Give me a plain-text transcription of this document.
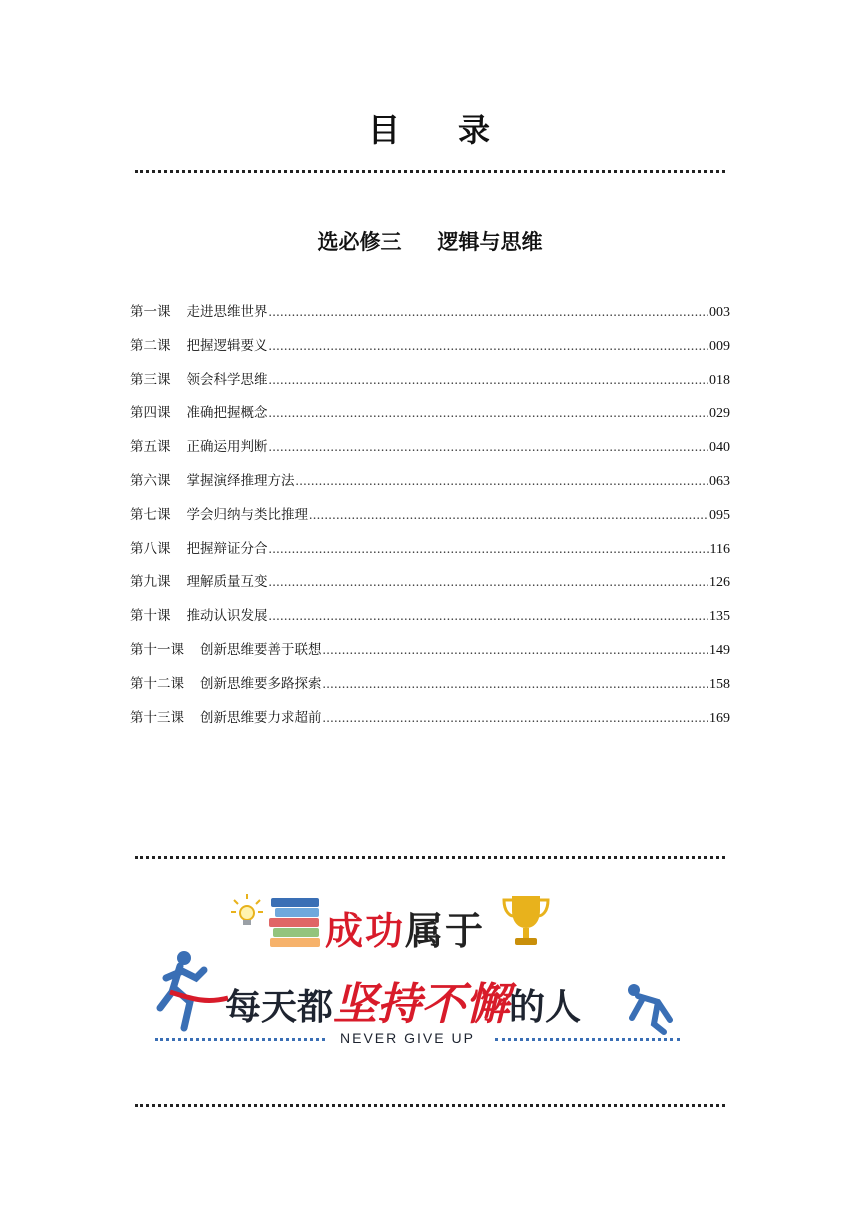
目 录
选必修三 逻辑与思维
第一课 走进思维世界 .....	003
第二课 把握逻辑要义 .....	009
第三课 领会科学思维 .....	018
第四课 准确把握概念 .....	029
第五课 正确运用判断 .....	040
第六课 掌握演绎推理方法 .....	063
第七课 学会归纳与类比推理 .....	095
第八课 把握辩证分合 .....	116
第九课 理解质量互变 .....	126
第十课 推动认识发展 .....	135
第十一课 创新思维要善于联想 .....	149
第十二课 创新思维要多路探索 .....	158
第十三课 创新思维要力求超前 .....	169
成功属于
每天都坚持不懈的人
NEVER GIVE UP
